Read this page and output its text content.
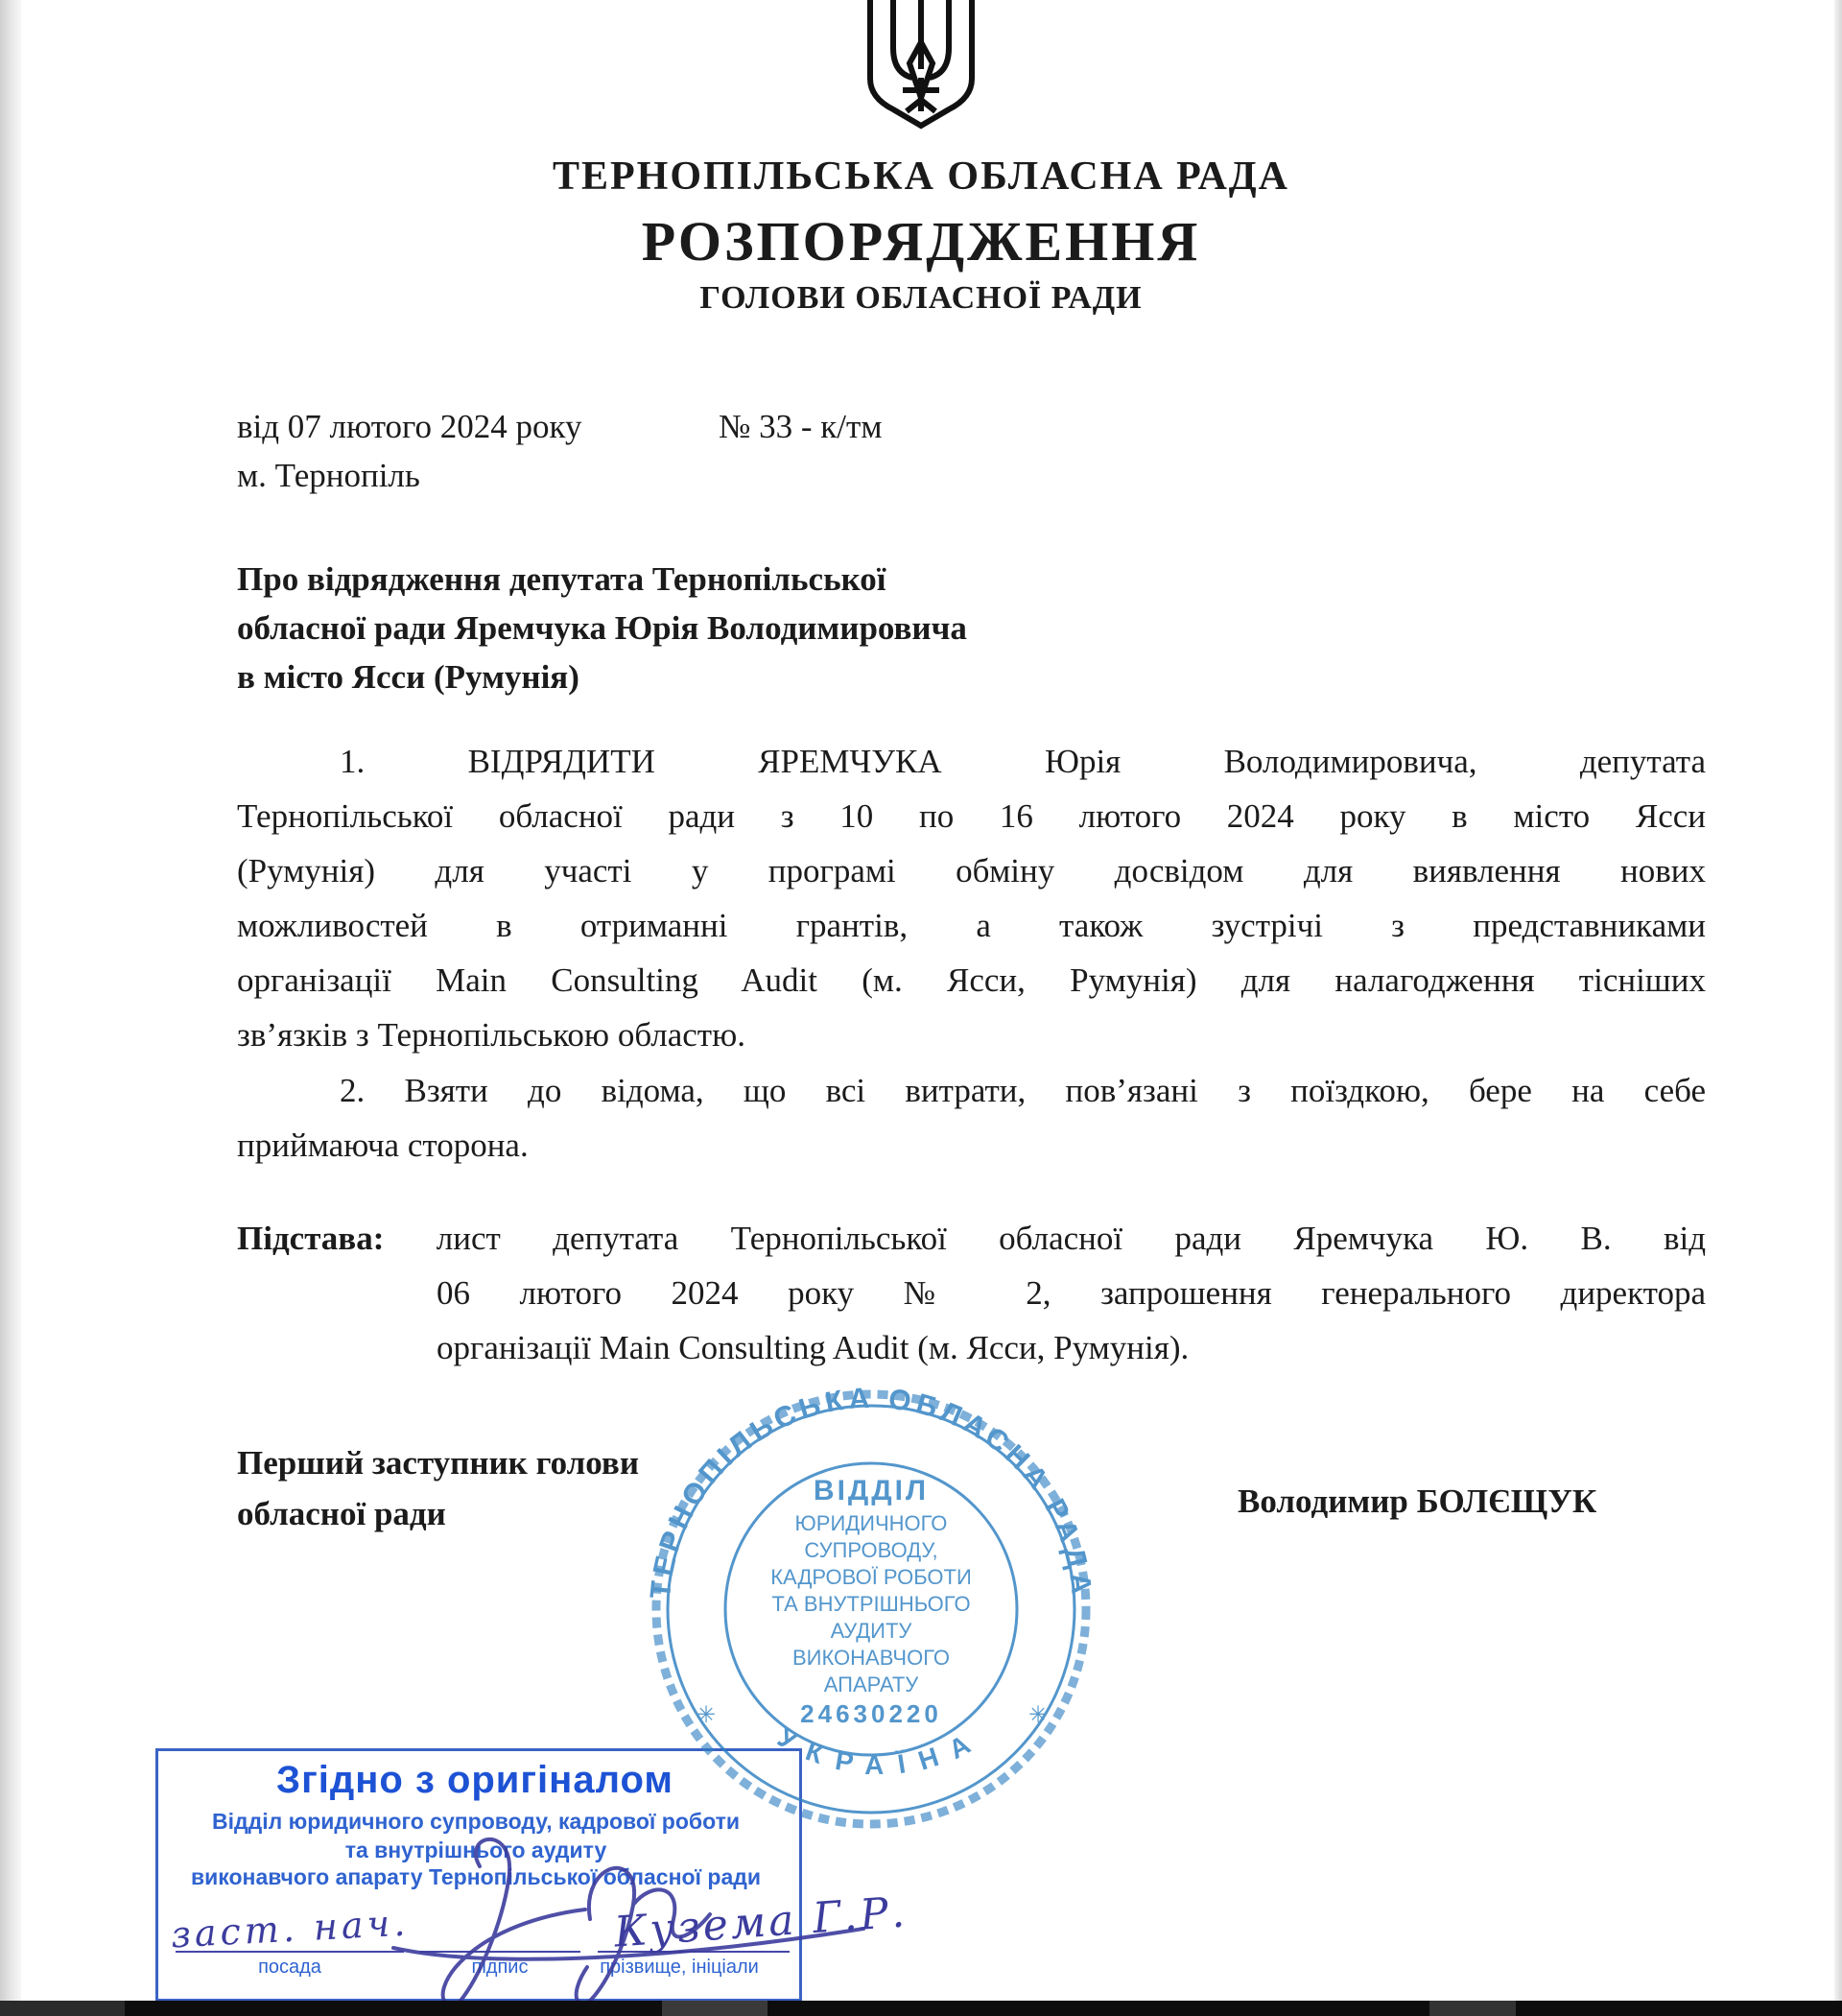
ТЕРНОПІЛЬСЬКА ОБЛАСНА РАДА
РОЗПОРЯДЖЕННЯ
ГОЛОВИ ОБЛАСНОЇ РАДИ
від 07 лютого 2024 року	№ 33 - к/тм
м. Тернопіль
Про відрядження депутата Тернопільської
обласної ради Яремчука Юрія Володимировича
в місто Ясси (Румунія)
1. ВІДРЯДИТИ ЯРЕМЧУКА Юрія Володимировича, депутата
Тернопільської обласної ради з 10 по 16 лютого 2024 року в місто Ясси
(Румунія) для участі у програмі обміну досвідом для виявлення нових
можливостей в отриманні грантів, а також зустрічі з представниками
організації Main Consulting Audit (м. Ясси, Румунія) для налагодження тісніших
зв’язків з Тернопільською областю.
2. Взяти до відома, що всі витрати, пов’язані з поїздкою, бере на себе
приймаюча сторона.
Підстава: лист депутата Тернопільської обласної ради Яремчука Ю. В. від
06 лютого 2024 року № 2, запрошення генерального директора
організації Main Consulting Audit (м. Ясси, Румунія).
Перший заступник голови
обласної ради	Володимир БОЛЄЩУК
Згідно з оригіналом
Відділ юридичного супроводу, кадрової роботи
та внутрішнього аудиту
виконавчого апарату Тернопільської обласної ради
посада	підпис	прізвище, ініціали
заст. нач.	Кузема Г.Р.
ТЕРНОПІЛЬСЬКА ОБЛАСНА РАДА
УКРАЇНА
✳	✳
ВІДДІЛ
ЮРИДИЧНОГО
СУПРОВОДУ,
КАДРОВОЇ РОБОТИ
ТА ВНУТРІШНЬОГО
АУДИТУ
ВИКОНАВЧОГО
АПАРАТУ
24630220
